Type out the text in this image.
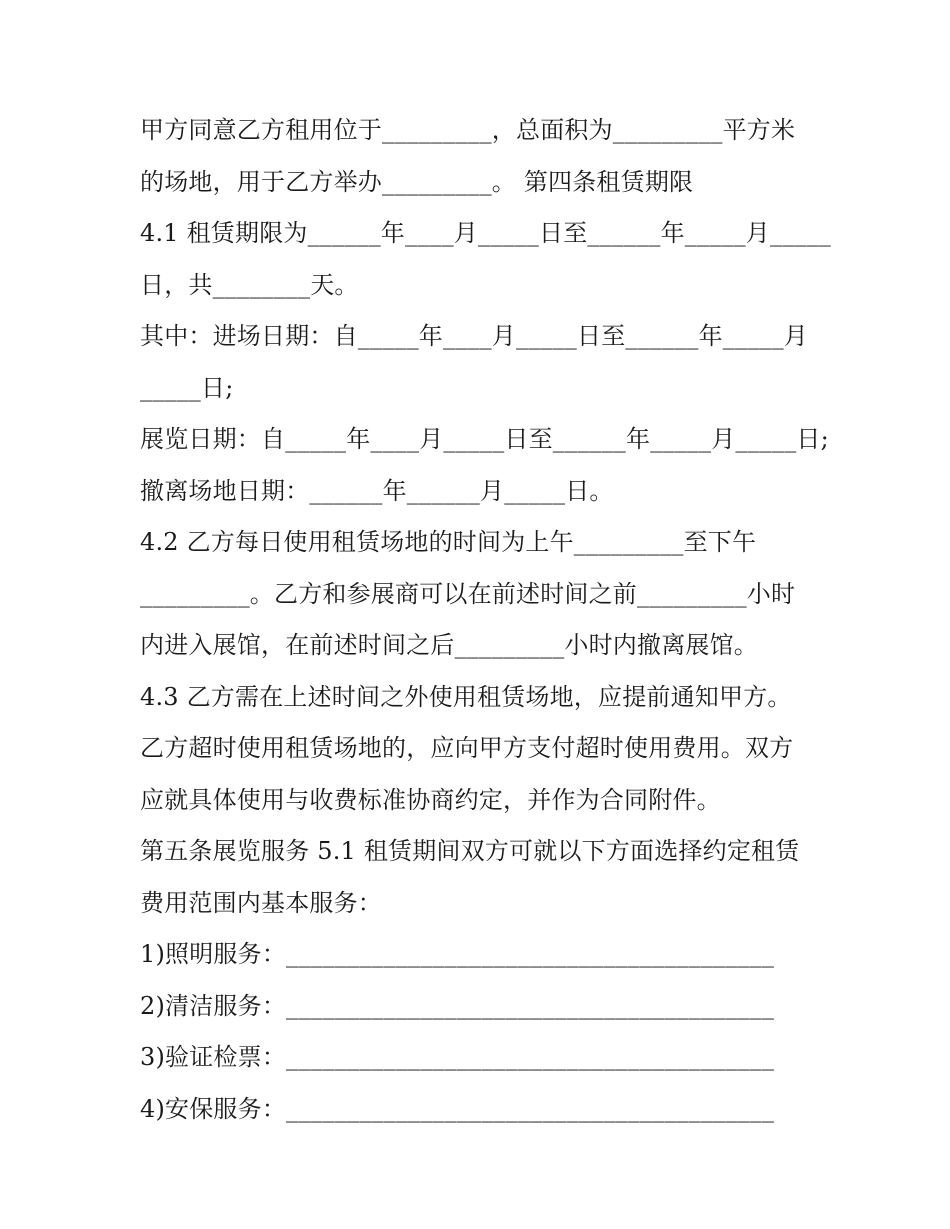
甲方同意乙方租用位于_________，总面积为_________平方米
的场地，用于乙方举办_________。 第四条租赁期限
4.1 租赁期限为______年____月_____日至______年_____月_____
日，共________天。
其中：进场日期：自_____年____月_____日至______年_____月
_____日;
展览日期：自_____年____月_____日至______年_____月_____日;
撤离场地日期：______年______月_____日。
4.2 乙方每日使用租赁场地的时间为上午_________至下午
_________。乙方和参展商可以在前述时间之前_________小时
内进入展馆，在前述时间之后_________小时内撤离展馆。
4.3 乙方需在上述时间之外使用租赁场地，应提前通知甲方。
乙方超时使用租赁场地的，应向甲方支付超时使用费用。双方
应就具体使用与收费标准协商约定，并作为合同附件。
第五条展览服务 5.1 租赁期间双方可就以下方面选择约定租赁
费用范围内基本服务：
1)照明服务：________________________________________
2)清洁服务：________________________________________
3)验证检票：________________________________________
4)安保服务：________________________________________
